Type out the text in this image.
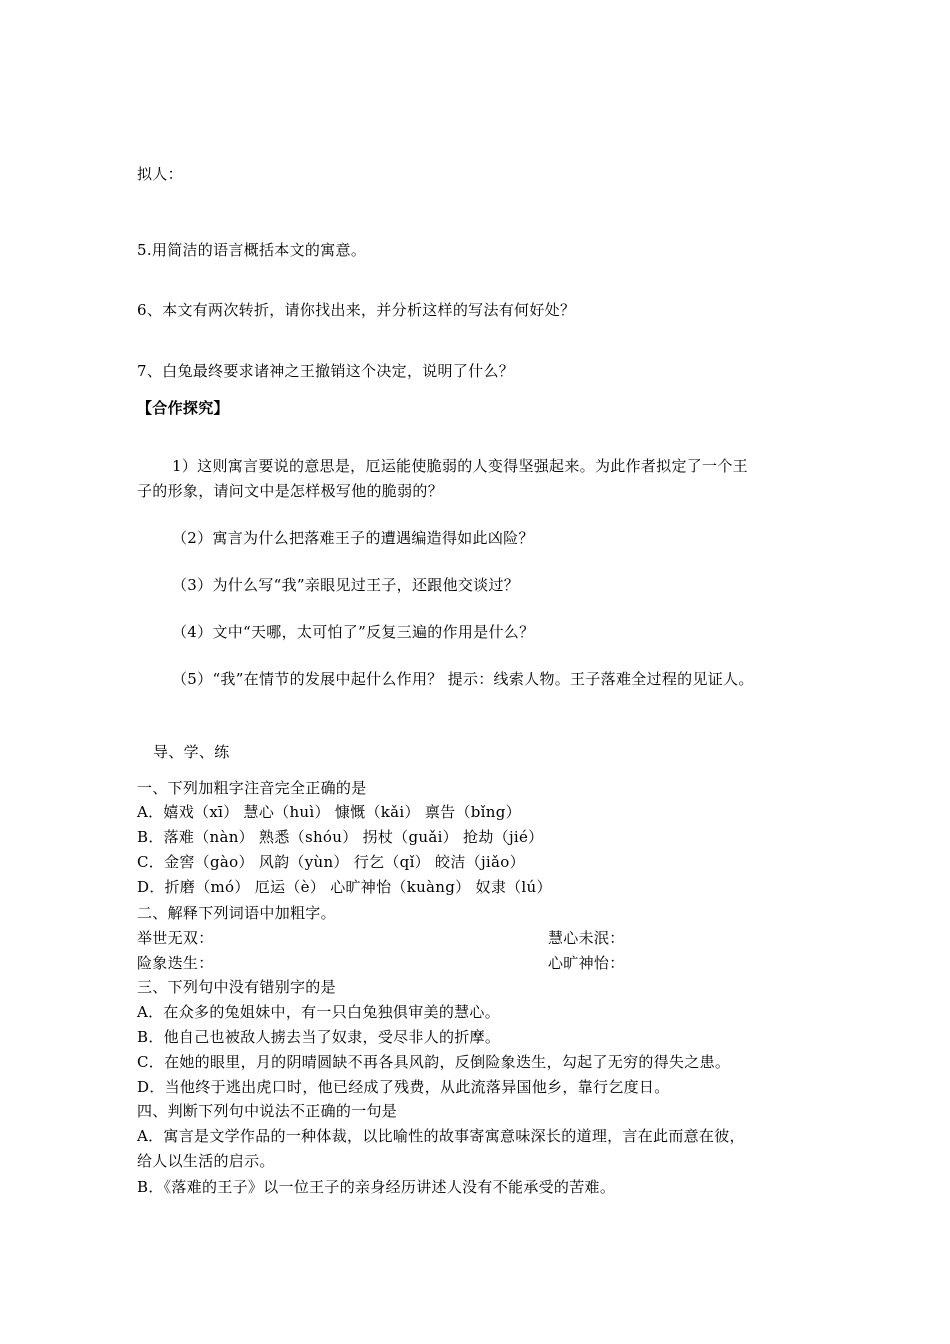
拟人：
5.用简洁的语言概括本文的寓意。
6、本文有两次转折，请你找出来，并分析这样的写法有何好处？
7、白兔最终要求诸神之王撤销这个决定，说明了什么？
【合作探究】
1）这则寓言要说的意思是，厄运能使脆弱的人变得坚强起来。为此作者拟定了一个王
子的形象，请问文中是怎样极写他的脆弱的？
（2）寓言为什么把落难王子的遭遇编造得如此凶险？
（3）为什么写“我”亲眼见过王子，还跟他交谈过？
（4）文中“天哪，太可怕了”反复三遍的作用是什么？
（5）“我”在情节的发展中起什么作用？ 提示：线索人物。王子落难全过程的见证人。
导、学、练
一、下列加粗字注音完全正确的是
A．嬉戏（xī） 慧心（huì） 慷慨（kǎi） 禀告（bǐng）
B．落难（nàn） 熟悉（shóu） 拐杖（guǎi） 抢劫（jié）
C．金窖（gào） 风韵（yùn） 行乞（qǐ） 皎洁（jiǎo）
D．折磨（mó） 厄运（è） 心旷神怡（kuàng） 奴隶（lú）
二、解释下列词语中加粗字。
举世无双：	慧心未泯：
险象迭生：	心旷神怡：
三、下列句中没有错别字的是
A．在众多的兔姐妹中，有一只白兔独俱审美的慧心。
B．他自己也被敌人掳去当了奴隶，受尽非人的折摩。
C．在她的眼里，月的阴晴圆缺不再各具风韵，反倒险象迭生，勾起了无穷的得失之患。
D．当他终于逃出虎口时，他已经成了残费，从此流落异国他乡，靠行乞度日。
四、判断下列句中说法不正确的一句是
A．寓言是文学作品的一种体裁，以比喻性的故事寄寓意味深长的道理，言在此而意在彼，
给人以生活的启示。
B．《落难的王子》以一位王子的亲身经历讲述人没有不能承受的苦难。
